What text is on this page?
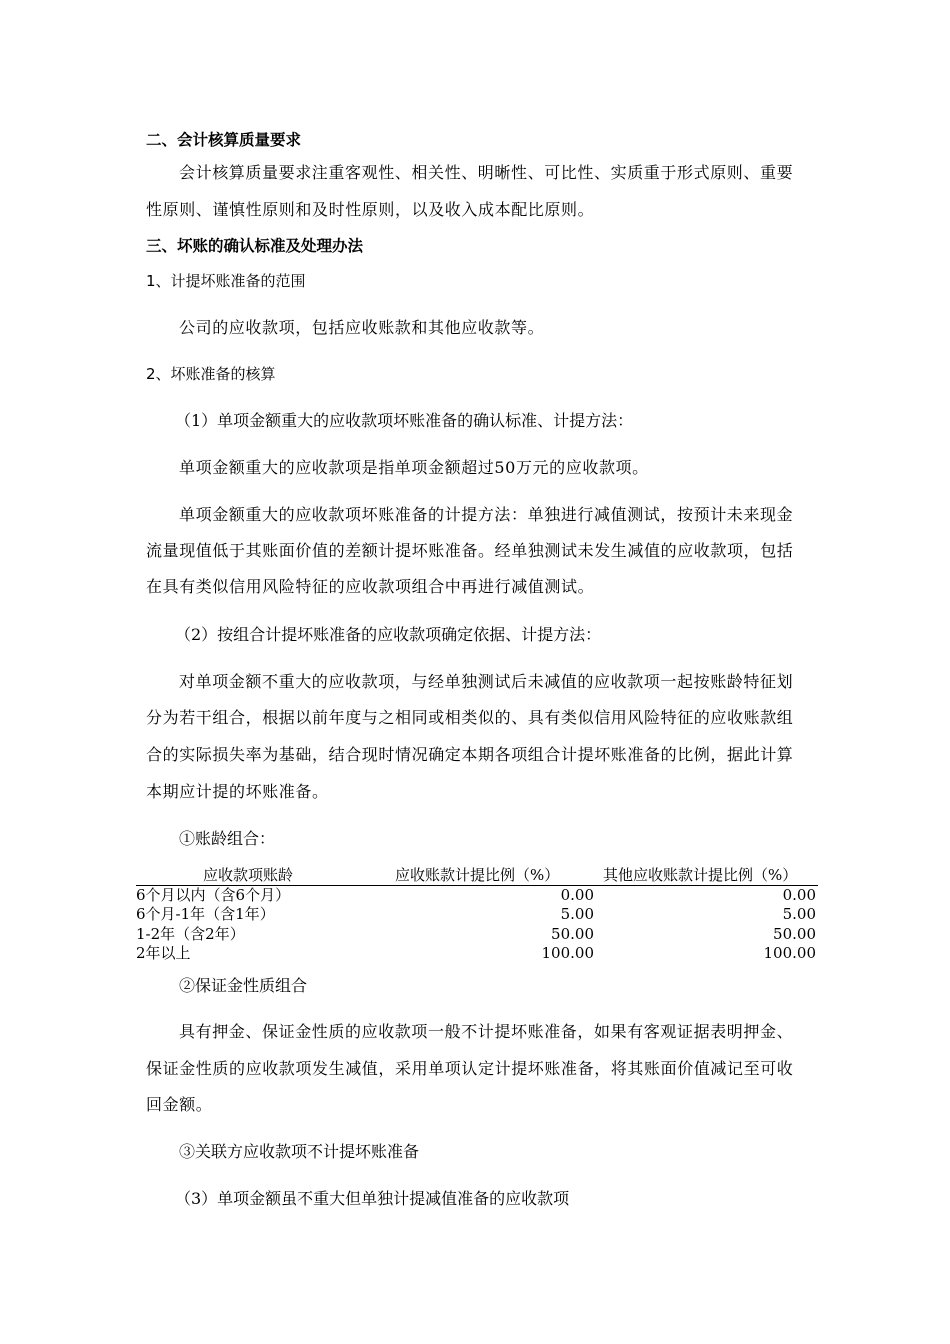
二、会计核算质量要求
会计核算质量要求注重客观性、相关性、明晰性、可比性、实质重于形式原则、重要
性原则、谨慎性原则和及时性原则，以及收入成本配比原则。
三、坏账的确认标准及处理办法
1、计提坏账准备的范围
公司的应收款项，包括应收账款和其他应收款等。
2、坏账准备的核算
（1）单项金额重大的应收款项坏账准备的确认标准、计提方法：
单项金额重大的应收款项是指单项金额超过50万元的应收款项。
单项金额重大的应收款项坏账准备的计提方法：单独进行减值测试，按预计未来现金
流量现值低于其账面价值的差额计提坏账准备。经单独测试未发生减值的应收款项，包括
在具有类似信用风险特征的应收款项组合中再进行减值测试。
（2）按组合计提坏账准备的应收款项确定依据、计提方法：
对单项金额不重大的应收款项，与经单独测试后未减值的应收款项一起按账龄特征划
分为若干组合，根据以前年度与之相同或相类似的、具有类似信用风险特征的应收账款组
合的实际损失率为基础，结合现时情况确定本期各项组合计提坏账准备的比例，据此计算
本期应计提的坏账准备。
①账龄组合：
应收款项账龄	应收账款计提比例（%）	其他应收账款计提比例（%）
6个月以内（含6个月）	0.00	0.00
6个月-1年（含1年）	5.00	5.00
1-2年（含2年）	50.00	50.00
2年以上	100.00	100.00
②保证金性质组合
具有押金、保证金性质的应收款项一般不计提坏账准备，如果有客观证据表明押金、
保证金性质的应收款项发生减值，采用单项认定计提坏账准备，将其账面价值减记至可收
回金额。
③关联方应收款项不计提坏账准备
（3）单项金额虽不重大但单独计提减值准备的应收款项
